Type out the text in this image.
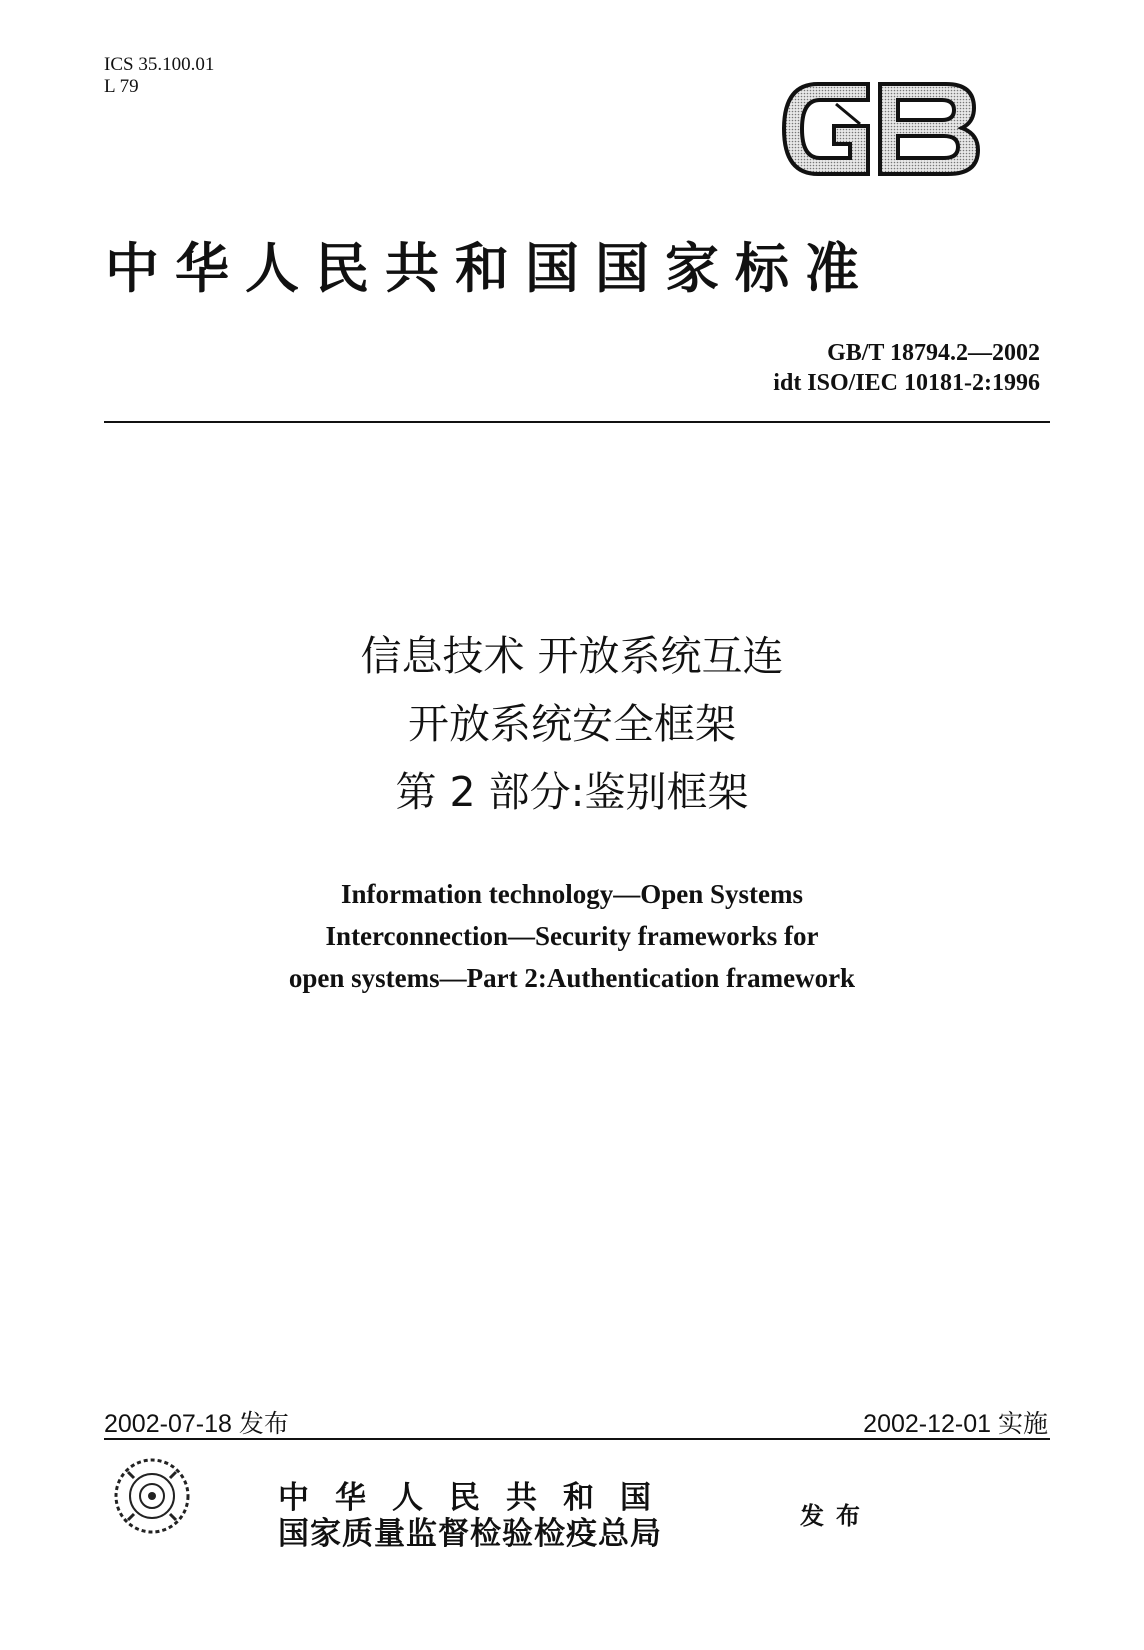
ICS 35.100.01
L 79
中华人民共和国国家标准
GB/T 18794.2—2002
idt ISO/IEC 10181-2:1996
信息技术 开放系统互连
开放系统安全框架
第 2 部分:鉴别框架
Information technology—Open Systems
Interconnection—Security frameworks for
open systems—Part 2:Authentication framework
2002-07-18 发布	2002-12-01 实施
中华人民共和国
国家质量监督检验检疫总局
发布
